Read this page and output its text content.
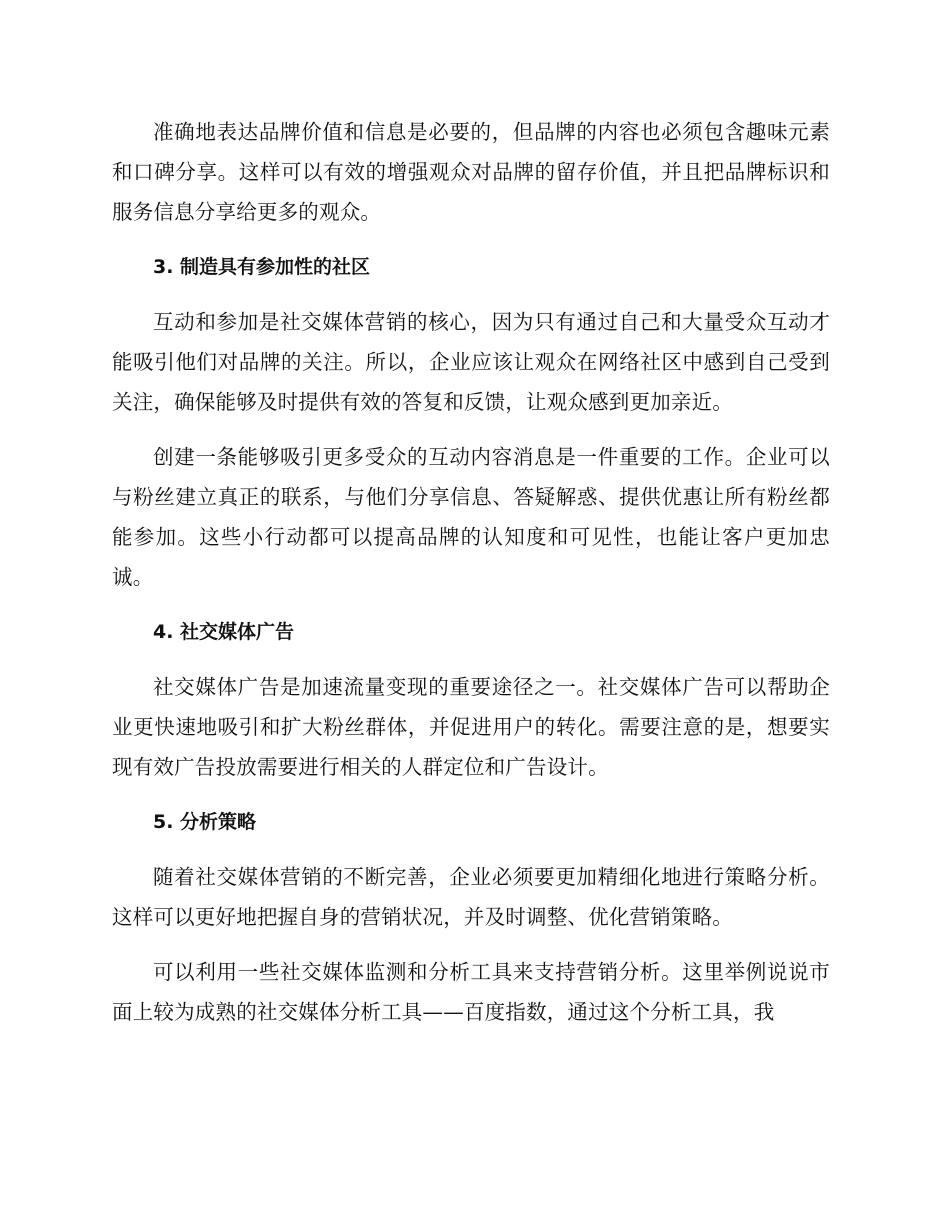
准确地表达品牌价值和信息是必要的，但品牌的内容也必须包含趣味元素和口碑分享。这样可以有效的增强观众对品牌的留存价值，并且把品牌标识和服务信息分享给更多的观众。

3. 制造具有参加性的社区

互动和参加是社交媒体营销的核心，因为只有通过自己和大量受众互动才能吸引他们对品牌的关注。所以，企业应该让观众在网络社区中感到自己受到关注，确保能够及时提供有效的答复和反馈，让观众感到更加亲近。

创建一条能够吸引更多受众的互动内容消息是一件重要的工作。企业可以与粉丝建立真正的联系，与他们分享信息、答疑解惑、提供优惠让所有粉丝都能参加。这些小行动都可以提高品牌的认知度和可见性，也能让客户更加忠诚。

4. 社交媒体广告

社交媒体广告是加速流量变现的重要途径之一。社交媒体广告可以帮助企业更快速地吸引和扩大粉丝群体，并促进用户的转化。需要注意的是，想要实现有效广告投放需要进行相关的人群定位和广告设计。

5. 分析策略

随着社交媒体营销的不断完善，企业必须要更加精细化地进行策略分析。这样可以更好地把握自身的营销状况，并及时调整、优化营销策略。

可以利用一些社交媒体监测和分析工具来支持营销分析。这里举例说说市面上较为成熟的社交媒体分析工具——百度指数，通过这个分析工具，我
